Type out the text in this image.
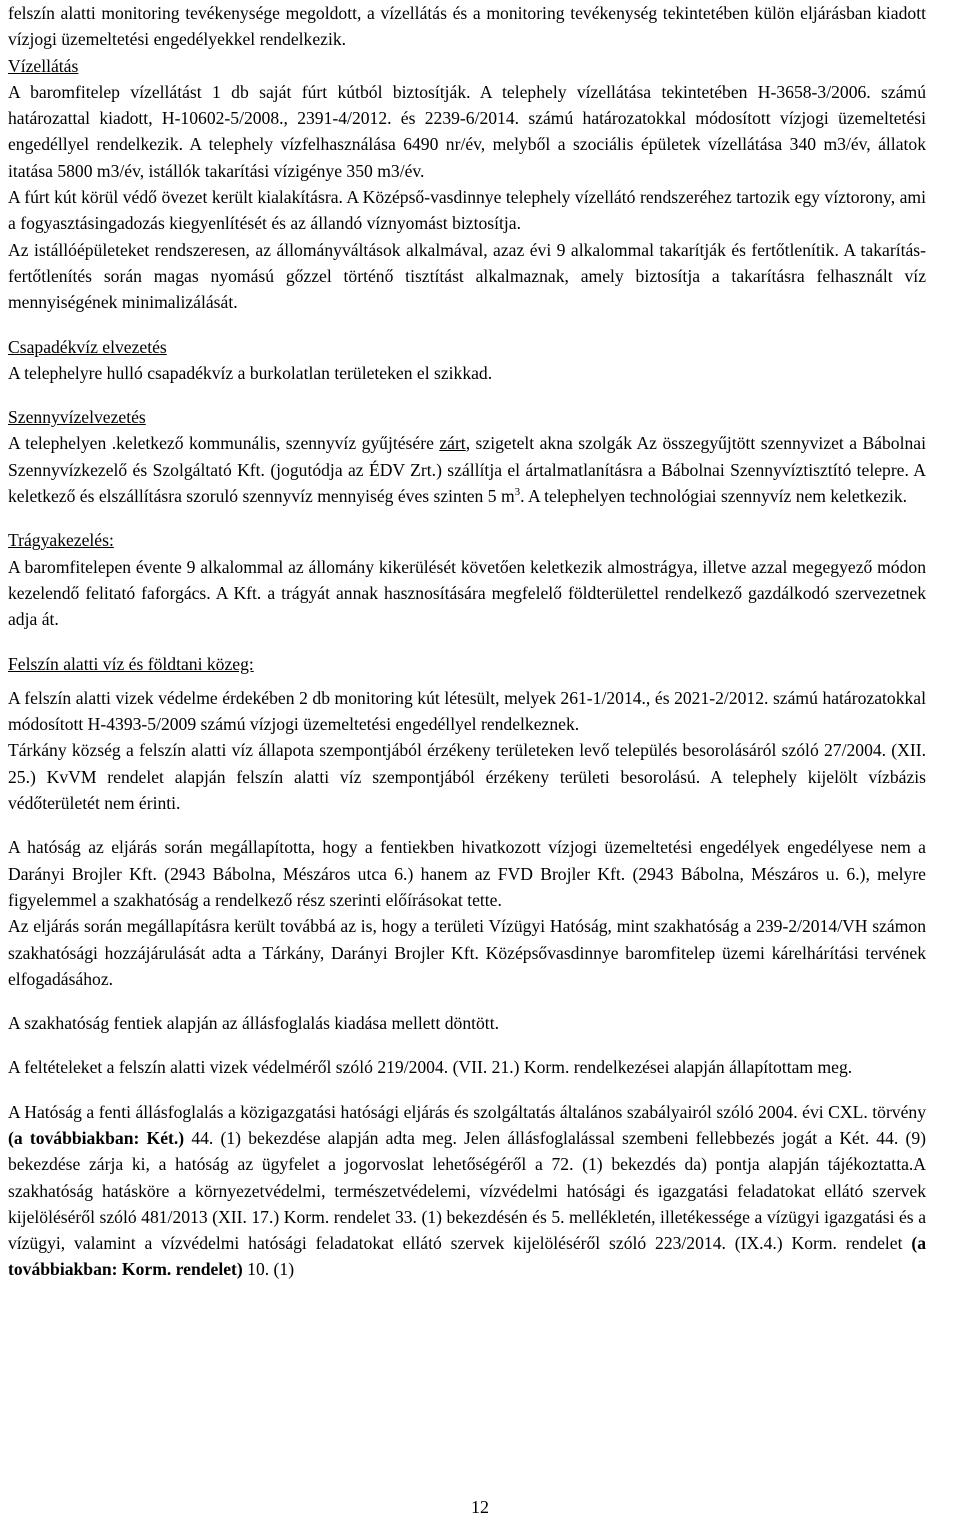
felszín alatti monitoring tevékenysége megoldott, a vízellátás és a monitoring tevékenység tekintetében külön eljárásban kiadott vízjogi üzemeltetési engedélyekkel rendelkezik.

Vízellátás

A baromfitelep vízellátást 1 db saját fúrt kútból biztosítják. A telephely vízellátása tekintetében H-3658-3/2006. számú határozattal kiadott, H-10602-5/2008., 2391-4/2012. és 2239-6/2014. számú határozatokkal módosított vízjogi üzemeltetési engedéllyel rendelkezik. A telephely vízfelhasználása 6490 nr/év, melyből a szociális épületek vízellátása 340 m3/év, állatok itatása 5800 m3/év, istállók takarítási vízigénye 350 m3/év.

A fúrt kút körül védő övezet került kialakításra. A Középső-vasdinnye telephely vízellátó rendszeréhez tartozik egy víztorony, ami a fogyasztásingadozás kiegyenlítését és az állandó víznyomást biztosítja.

Az istállóépületeket rendszeresen, az állományváltások alkalmával, azaz évi 9 alkalommal takarítják és fertőtlenítik. A takarítás-fertőtlenítés során magas nyomású gőzzel történő tisztítást alkalmaznak, amely biztosítja a takarításra felhasznált víz mennyiségének minimalizálását.

Csapadékvíz elvezetés

A telephelyre hulló csapadékvíz a burkolatlan területeken el szikkad.

Szennyvízelvezetés

A telephelyen .keletkező kommunális, szennyvíz gyűjtésére zárt, szigetelt akna szolgák Az összegyűjtött szennyvizet a Bábolnai Szennyvízkezelő és Szolgáltató Kft. (jogutódja az ÉDV Zrt.) szállítja el ártalmatlanításra a Bábolnai Szennyvíztisztító telepre. A keletkező és elszállításra szoruló szennyvíz mennyiség éves szinten 5 $m^3$. A telephelyen technológiai szennyvíz nem keletkezik.

Trágyakezelés:

A baromfitelepen évente 9 alkalommal az állomány kikerülését követően keletkezik almostrágya, illetve azzal megegyező módon kezelendő felitató faforgács. A Kft. a trágyát annak hasznosítására megfelelő földterülettel rendelkező gazdálkodó szervezetnek adja át.

Felszín alatti víz és földtani közeg:

A felszín alatti vizek védelme érdekében 2 db monitoring kút létesült, melyek 261-1/2014., és 2021-2/2012. számú határozatokkal módosított H-4393-5/2009 számú vízjogi üzemeltetési engedéllyel rendelkeznek.

Tárkány község a felszín alatti víz állapota szempontjából érzékeny területeken levő település besorolásáról szóló 27/2004. (XII. 25.) KvVM rendelet alapján felszín alatti víz szempontjából érzékeny területi besorolású. A telephely kijelölt vízbázis védőterületét nem érinti.

A hatóság az eljárás során megállapította, hogy a fentiekben hivatkozott vízjogi üzemeltetési engedélyek engedélyese nem a Darányi Brojler Kft. (2943 Bábolna, Mészáros utca 6.) hanem az FVD Brojler Kft. (2943 Bábolna, Mészáros u. 6.), melyre figyelemmel a szakhatóság a rendelkező rész szerinti előírásokat tette.

Az eljárás során megállapításra került továbbá az is, hogy a területi Vízügyi Hatóság, mint szakhatóság a 239-2/2014/VH számon szakhatósági hozzájárulását adta a Tárkány, Darányi Brojler Kft. Középsővasdinnye baromfitelep üzemi kárelhárítási tervének elfogadásához.

A szakhatóság fentiek alapján az állásfoglalás kiadása mellett döntött.

A feltételeket a felszín alatti vizek védelméről szóló 219/2004. (VII. 21.) Korm. rendelkezései alapján állapítottam meg.

A Hatóság a fenti állásfoglalás a közigazgatási hatósági eljárás és szolgáltatás általános szabályairól szóló 2004. évi CXL. törvény (a továbbiakban: Két.) 44. (1) bekezdése alapján adta meg. Jelen állásfoglalással szembeni fellebbezés jogát a Két. 44. (9) bekezdése zárja ki, a hatóság az ügyfelet a jogorvoslat lehetőségéről a 72. (1) bekezdés da) pontja alapján tájékoztatta.A szakhatóság hatásköre a környezetvédelmi, természetvédelemi, vízvédelmi hatósági és igazgatási feladatokat ellátó szervek kijelöléséről szóló 481/2013 (XII. 17.) Korm. rendelet 33. (1) bekezdésén és 5. mellékletén, illetékessége a vízügyi igazgatási és a vízügyi, valamint a vízvédelmi hatósági feladatokat ellátó szervek kijelöléséről szóló 223/2014. (IX.4.) Korm. rendelet (a továbbiakban: Korm. rendelet) 10. (1)

12
